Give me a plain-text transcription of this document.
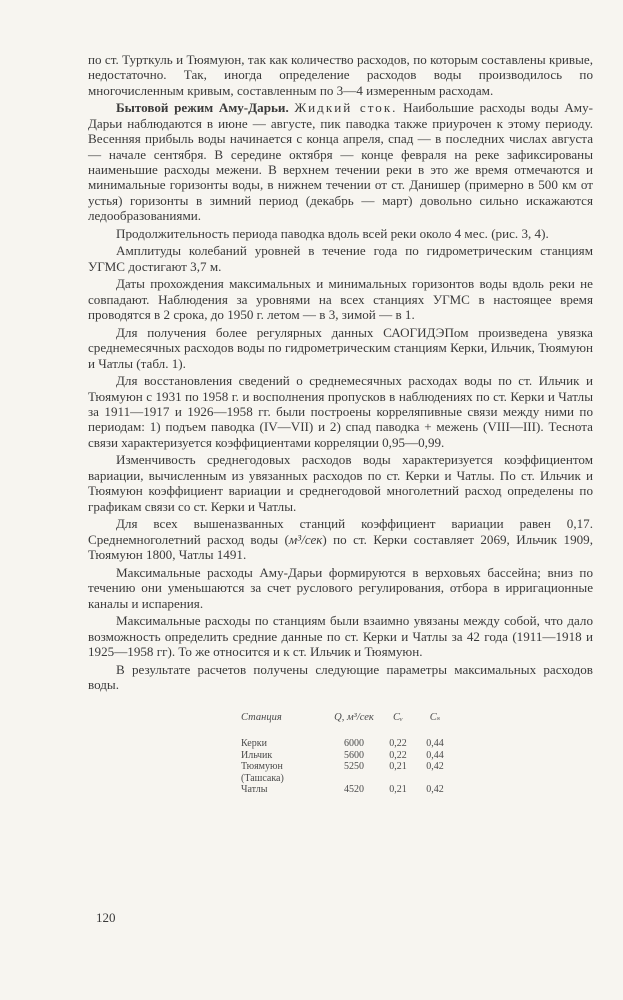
по ст. Турткуль и Тюямуюн, так как количество расходов, по которым составлены кривые, недостаточно. Так, иногда определение расходов воды производилось по многочисленным кривым, составленным по 3—4 измеренным расходам.

Бытовой режим Аму-Дарьи. Жидкий сток. Наибольшие расходы воды Аму-Дарьи наблюдаются в июне — августе, пик паводка также приурочен к этому периоду. Весенняя прибыль воды начинается с конца апреля, спад — в последних числах августа — начале сентября. В середине октября — конце февраля на реке зафиксированы наименьшие расходы межени. В верхнем течении реки в это же время отмечаются и минимальные горизонты воды, в нижнем течении от ст. Данишер (примерно в 500 км от устья) горизонты в зимний период (декабрь — март) довольно сильно искажаются ледообразованиями.

Продолжительность периода паводка вдоль всей реки около 4 мес. (рис. 3, 4).

Амплитуды колебаний уровней в течение года по гидрометрическим станциям УГМС достигают 3,7 м.

Даты прохождения максимальных и минимальных горизонтов воды вдоль реки не совпадают. Наблюдения за уровнями на всех станциях УГМС в настоящее время проводятся в 2 срока, до 1950 г. летом — в 3, зимой — в 1.

Для получения более регулярных данных САОГИДЭПом произведена увязка среднемесячных расходов воды по гидрометрическим станциям Керки, Ильчик, Тюямуюн и Чатлы (табл. 1).

Для восстановления сведений о среднемесячных расходах воды по ст. Ильчик и Тюямуюн с 1931 по 1958 г. и восполнения пропусков в наблюдениях по ст. Керки и Чатлы за 1911—1917 и 1926—1958 гг. были построены корреляпивные связи между ними по периодам: 1) подъем паводка (IV—VII) и 2) спад паводка + межень (VIII—III). Теснота связи характеризуется коэффициентами корреляции 0,95—0,99.

Изменчивость среднегодовых расходов воды характеризуется коэффициентом вариации, вычисленным из увязанных расходов по ст. Керки и Чатлы. По ст. Ильчик и Тюямуюн коэффициент вариации и среднегодовой многолетний расход определены по графикам связи со ст. Керки и Чатлы.

Для всех вышеназванных станций коэффициент вариации равен 0,17. Среднемноголетний расход воды (м³/сек) по ст. Керки составляет 2069, Ильчик 1909, Тюямуюн 1800, Чатлы 1491.

Максимальные расходы Аму-Дарьи формируются в верховьях бассейна; вниз по течению они уменьшаются за счет руслового регулирования, отбора в ирригационные каналы и испарения.

Максимальные расходы по станциям были взаимно увязаны между собой, что дало возможность определить средние данные по ст. Керки и Чатлы за 42 года (1911—1918 и 1925—1958 гг). То же относится и к ст. Ильчик и Тюямуюн.

В результате расчетов получены следующие параметры максимальных расходов воды.

Станция	Q, м³/сек	Cᵥ	Cₛ
Керки	6000	0,22	0,44
Ильчик	5600	0,22	0,44
Тюямуюн	5250	0,21	0,42
(Ташсака)
Чатлы	4520	0,21	0,42
120
